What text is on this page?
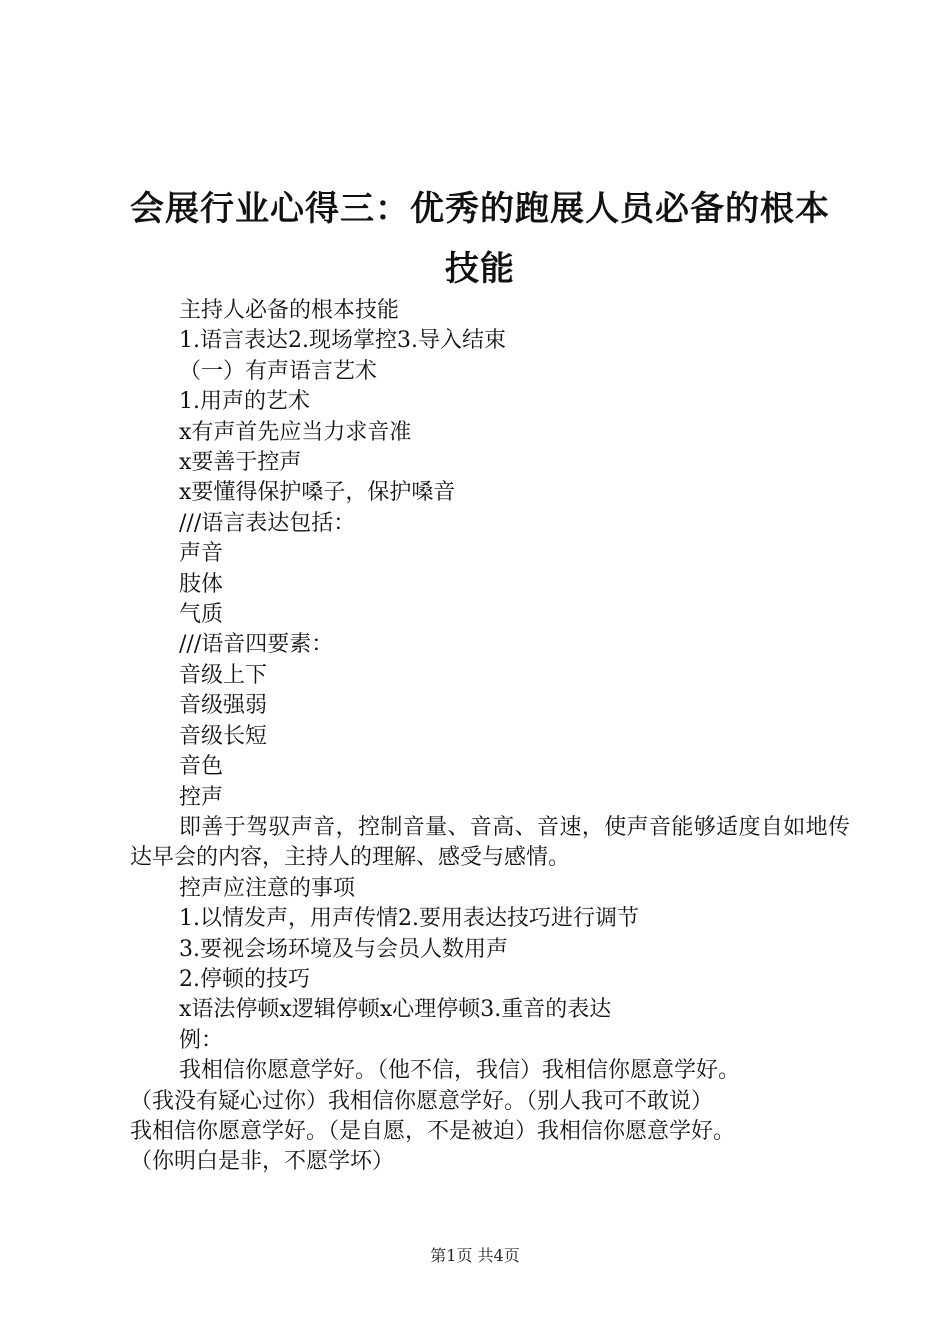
会展行业心得三：优秀的跑展人员必备的根本
技能

主持人必备的根本技能

1.语言表达2.现场掌控3.导入结束

（一）有声语言艺术

1.用声的艺术

x有声首先应当力求音准

x要善于控声

x要懂得保护嗓子，保护嗓音

///语言表达包括：

声音

肢体

气质

///语音四要素：

音级上下

音级强弱

音级长短

音色

控声

即善于驾驭声音，控制音量、音高、音速，使声音能够适度自如地传达早会的内容，主持人的理解、感受与感情。

控声应注意的事项

1.以情发声，用声传情2.要用表达技巧进行调节

3.要视会场环境及与会员人数用声

2.停顿的技巧

x语法停顿x逻辑停顿x心理停顿3.重音的表达

例：

我相信你愿意学好。（他不信，我信）我相信你愿意学好。

（我没有疑心过你）我相信你愿意学好。（别人我可不敢说）

我相信你愿意学好。（是自愿，不是被迫）我相信你愿意学好。

（你明白是非，不愿学坏）

第1页 共4页
